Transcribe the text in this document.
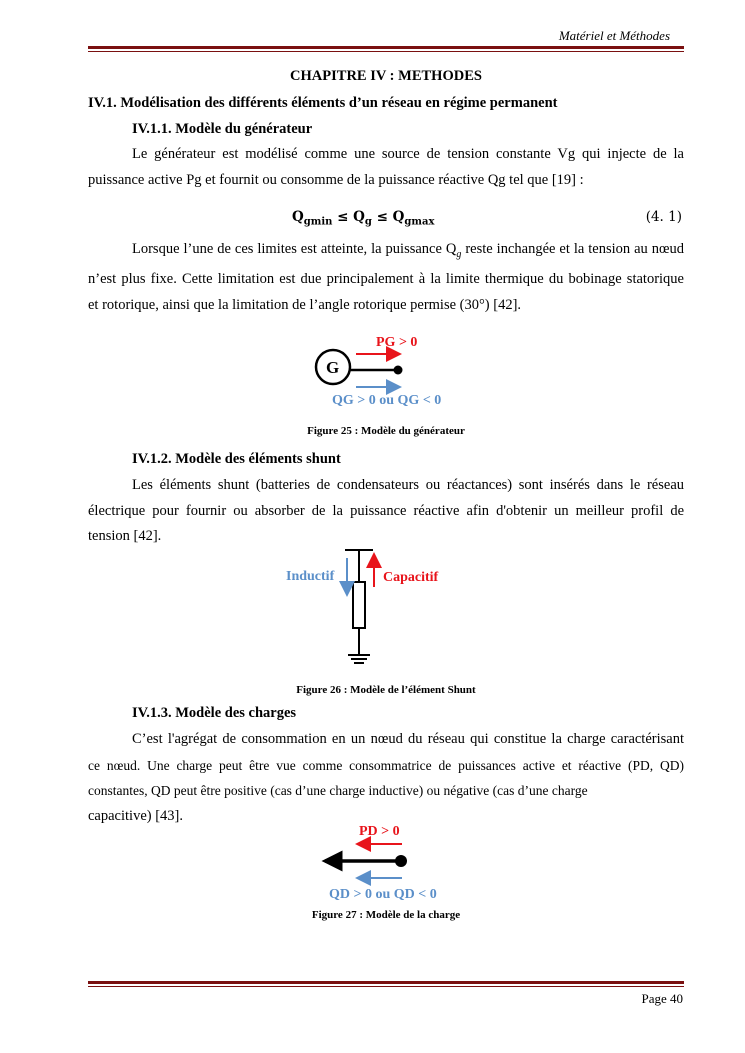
Matériel et Méthodes
CHAPITRE IV : METHODES
IV.1. Modélisation des différents éléments d’un réseau en régime permanent
IV.1.1. Modèle du générateur
Le générateur est modélisé comme une source de tension constante Vg qui injecte de la
puissance active Pg et fournit ou consomme de la puissance réactive Qg tel que [19] :
$Q_{gmin} \le Q_g \le Q_{gmax}$	(4. 1)
Lorsque l’une de ces limites est atteinte, la puissance $Q_g$ reste inchangée et la tension au nœud
n’est plus fixe. Cette limitation est due principalement à la limite thermique du bobinage statorique
et rotorique, ainsi que la limitation de l’angle rotorique permise (30°) [42].
PG > 0
G
QG > 0 ou QG < 0
Figure 25 : Modèle du générateur
IV.1.2. Modèle des éléments shunt
Les éléments shunt (batteries de condensateurs ou réactances) sont insérés dans le réseau
électrique pour fournir ou absorber de la puissance réactive afin d'obtenir un meilleur profil de
tension [42].
Inductif	Capacitif
Figure 26 : Modèle de l’élément Shunt
IV.1.3. Modèle des charges
C’est l'agrégat de consommation en un nœud du réseau qui constitue la charge caractérisant
ce nœud. Une charge peut être vue comme consommatrice de puissances active et réactive (PD, QD)
constantes, QD peut être positive (cas d’une charge inductive) ou négative (cas d’une charge
capacitive) [43].
PD > 0
QD > 0 ou QD < 0
Figure 27 : Modèle de la charge
Page 40
